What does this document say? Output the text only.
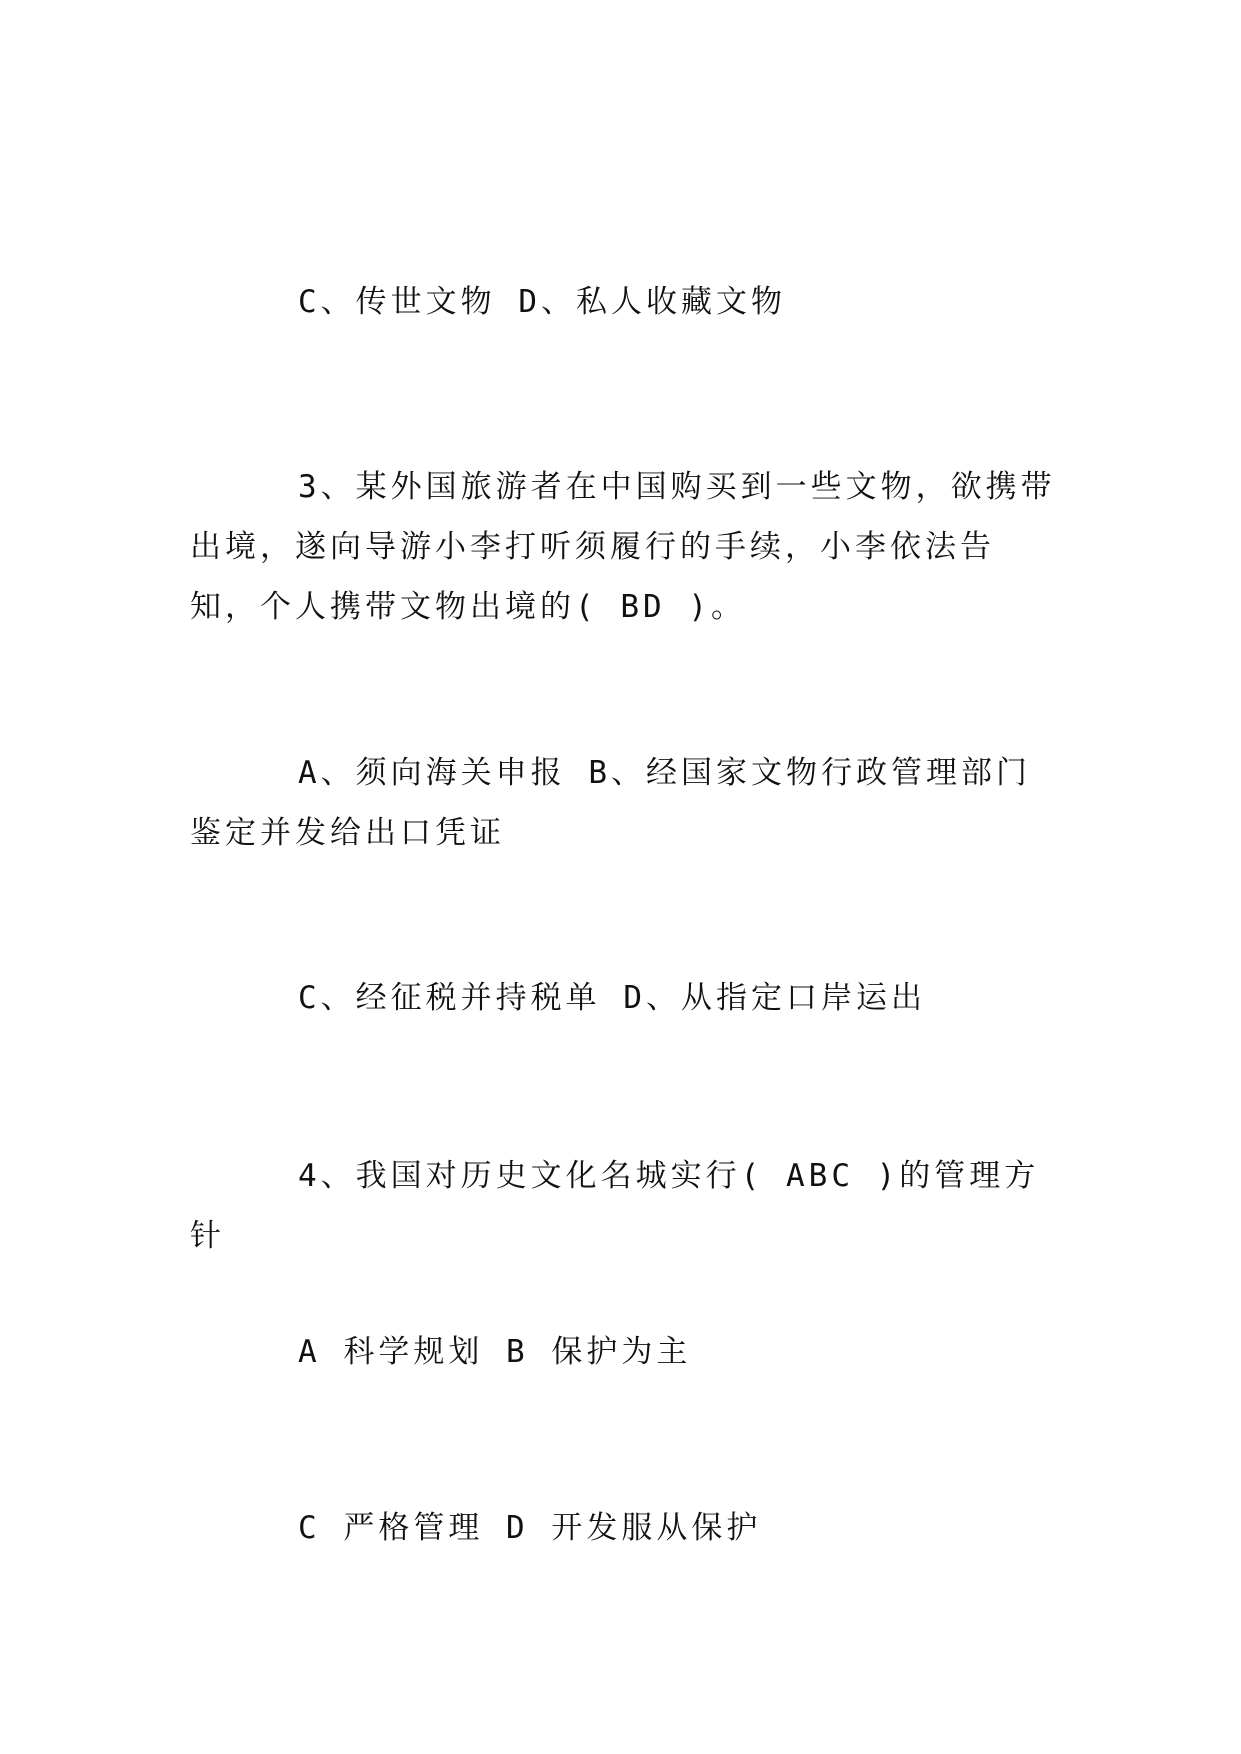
C、传世文物 D、私人收藏文物

3、某外国旅游者在中国购买到一些文物，欲携带出境，遂向导游小李打听须履行的手续，小李依法告知，个人携带文物出境的( BD )。

A、须向海关申报 B、经国家文物行政管理部门鉴定并发给出口凭证

C、经征税并持税单 D、从指定口岸运出

4、我国对历史文化名城实行( ABC )的管理方针

A 科学规划 B 保护为主

C 严格管理 D 开发服从保护
